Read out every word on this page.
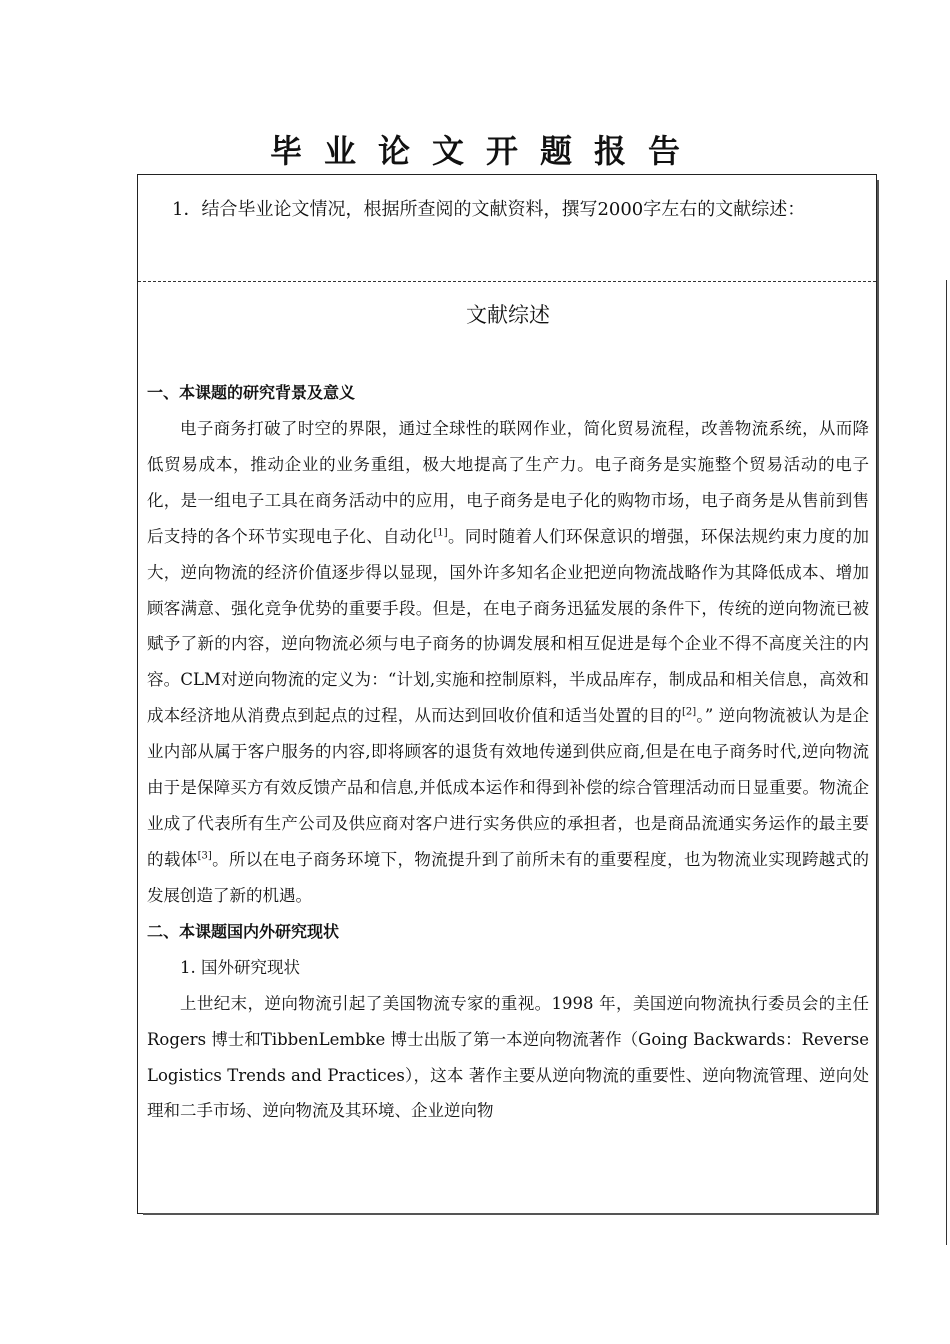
毕业论文开题报告

1．结合毕业论文情况，根据所查阅的文献资料，撰写2000字左右的文献综述：

文献综述

一、本课题的研究背景及意义

电子商务打破了时空的界限，通过全球性的联网作业，简化贸易流程，改善物流系统，从而降低贸易成本，推动企业的业务重组，极大地提高了生产力。电子商务是实施整个贸易活动的电子化，是一组电子工具在商务活动中的应用，电子商务是电子化的购物市场，电子商务是从售前到售后支持的各个环节实现电子化、自动化[1]。同时随着人们环保意识的增强，环保法规约束力度的加大，逆向物流的经济价值逐步得以显现，国外许多知名企业把逆向物流战略作为其降低成本、增加顾客满意、强化竞争优势的重要手段。但是，在电子商务迅猛发展的条件下，传统的逆向物流已被赋予了新的内容，逆向物流必须与电子商务的协调发展和相互促进是每个企业不得不高度关注的内容。CLM对逆向物流的定义为：“计划,实施和控制原料，半成品库存，制成品和相关信息，高效和成本经济地从消费点到起点的过程，从而达到回收价值和适当处置的目的[2]。” 逆向物流被认为是企业内部从属于客户服务的内容,即将顾客的退货有效地传递到供应商,但是在电子商务时代,逆向物流由于是保障买方有效反馈产品和信息,并低成本运作和得到补偿的综合管理活动而日显重要。物流企业成了代表所有生产公司及供应商对客户进行实务供应的承担者，也是商品流通实务运作的最主要的载体[3]。所以在电子商务环境下，物流提升到了前所未有的重要程度，也为物流业实现跨越式的发展创造了新的机遇。

二、本课题国内外研究现状

1. 国外研究现状

上世纪末，逆向物流引起了美国物流专家的重视。1998 年，美国逆向物流执行委员会的主任 Rogers 博士和TibbenLembke 博士出版了第一本逆向物流著作（Going Backwards：Reverse Logistics Trends and Practices），这本 著作主要从逆向物流的重要性、逆向物流管理、逆向处理和二手市场、逆向物流及其环境、企业逆向物
